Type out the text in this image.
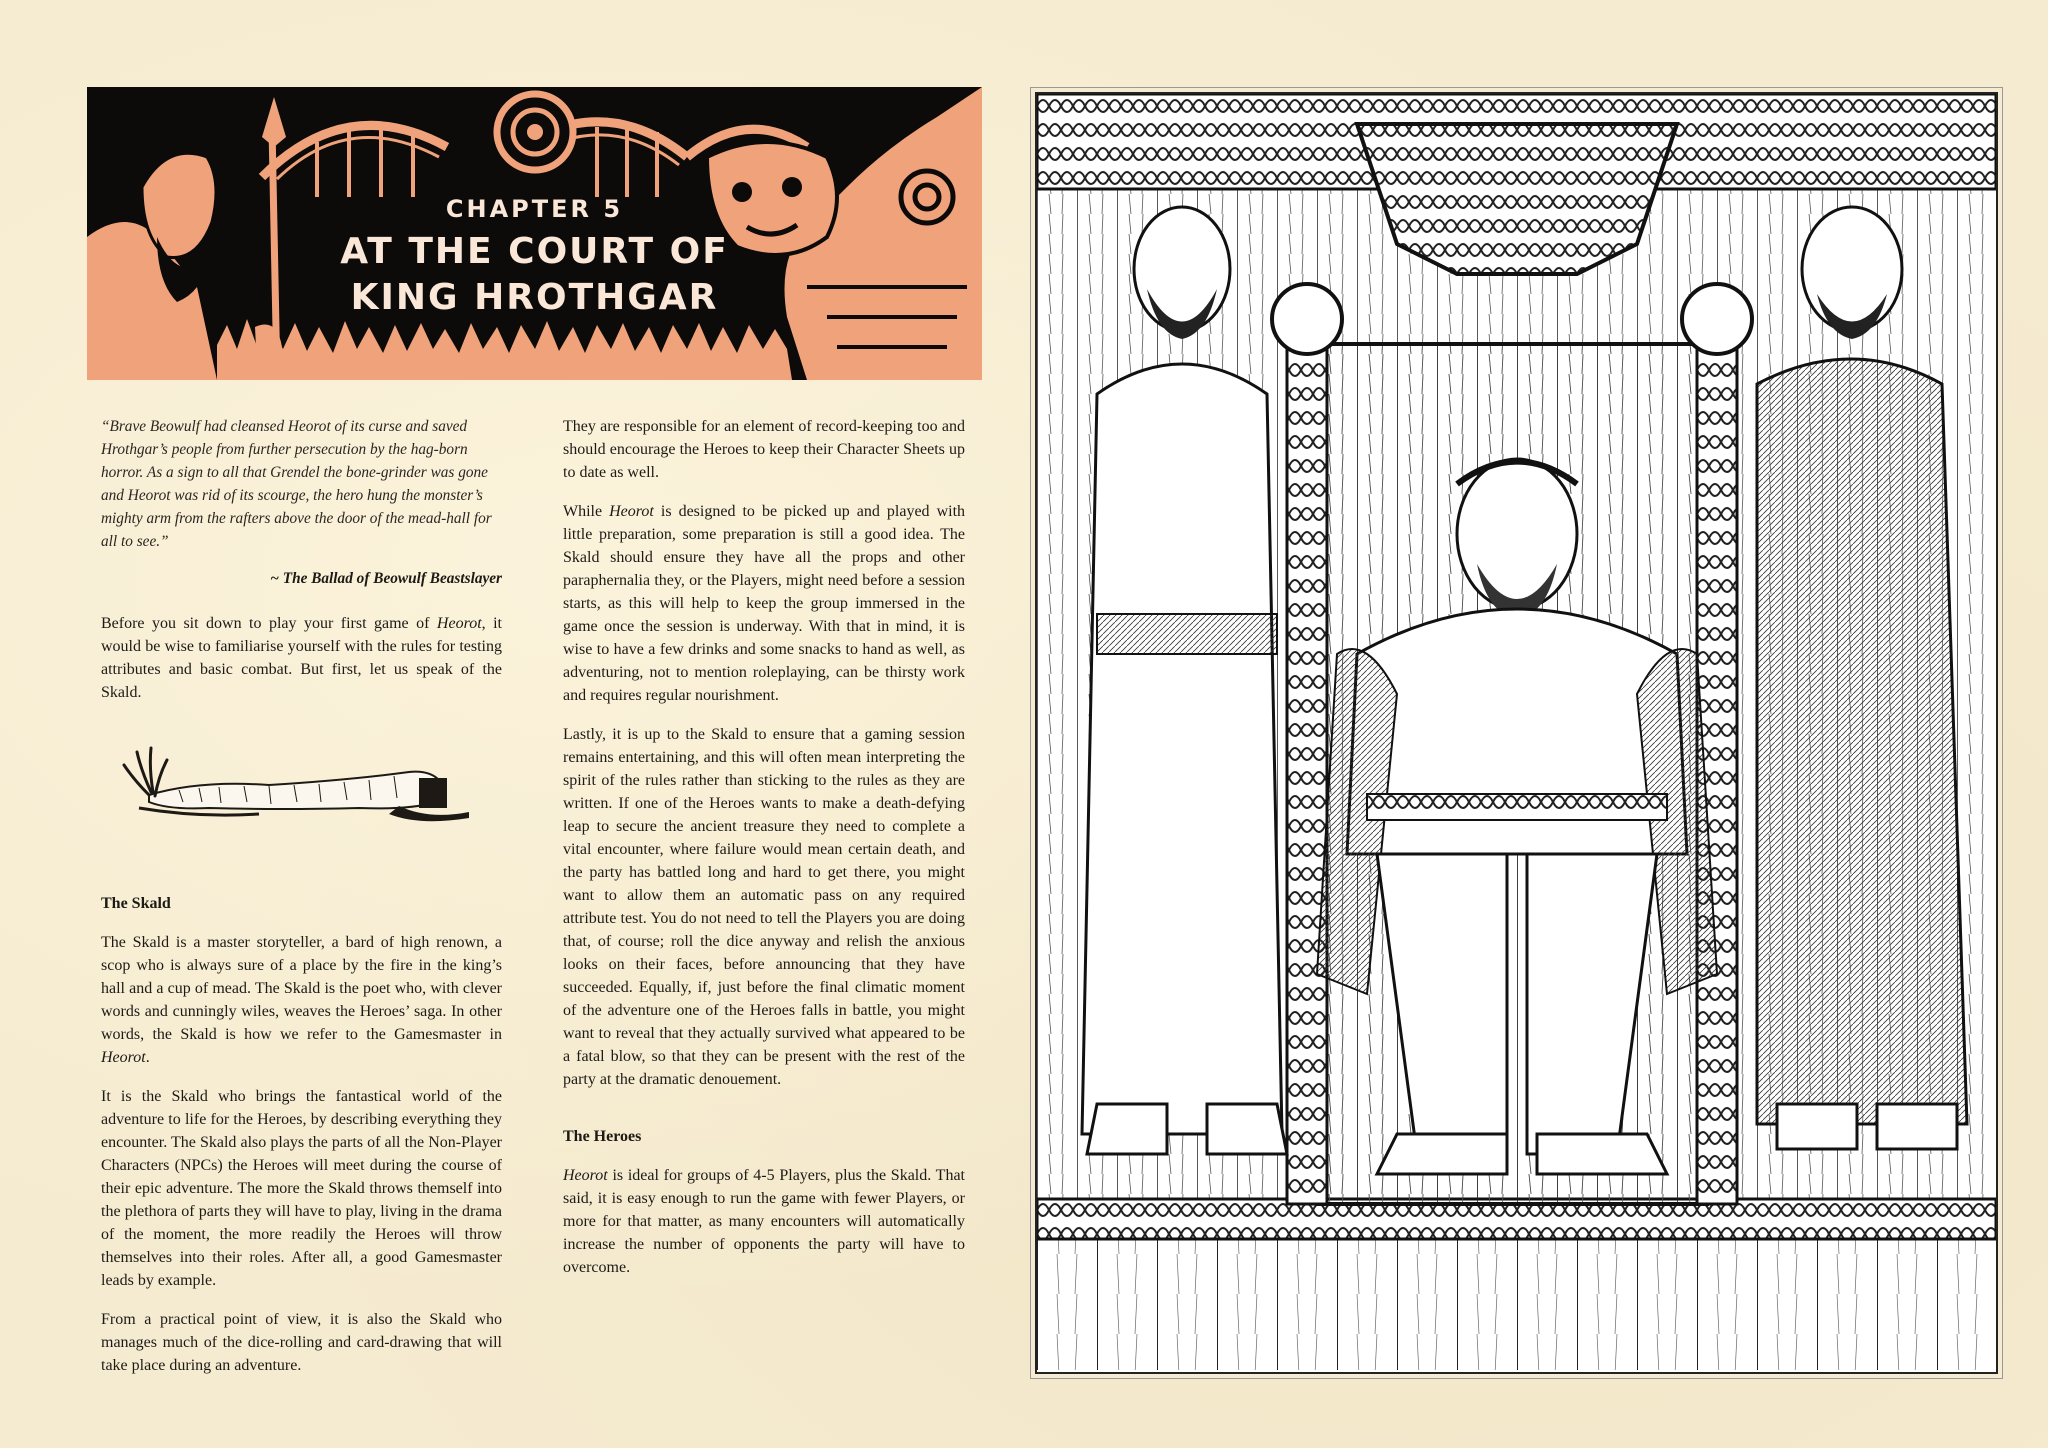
CHAPTER 5
AT THE COURT OF
KING HROTHGAR

“Brave Beowulf had cleansed Heorot of its curse and saved Hrothgar’s people from further persecution by the hag-born horror. As a sign to all that Grendel the bone-grinder was gone and Heorot was rid of its scourge, the hero hung the monster’s mighty arm from the rafters above the door of the mead-hall for all to see.”

~ The Ballad of Beowulf Beastslayer

Before you sit down to play your first game of Heorot, it would be wise to familiarise yourself with the rules for testing attributes and basic combat. But first, let us speak of the Skald.

The Skald

The Skald is a master storyteller, a bard of high renown, a scop who is always sure of a place by the fire in the king’s hall and a cup of mead. The Skald is the poet who, with clever words and cunningly wiles, weaves the Heroes’ saga. In other words, the Skald is how we refer to the Gamesmaster in Heorot.

It is the Skald who brings the fantastical world of the adventure to life for the Heroes, by describing everything they encounter. The Skald also plays the parts of all the Non-Player Characters (NPCs) the Heroes will meet during the course of their epic adventure. The more the Skald throws themself into the plethora of parts they will have to play, living in the drama of the moment, the more readily the Heroes will throw themselves into their roles. After all, a good Gamesmaster leads by example.

From a practical point of view, it is also the Skald who manages much of the dice-rolling and card-drawing that will take place during an adventure.

They are responsible for an element of record-keeping too and should encourage the Heroes to keep their Character Sheets up to date as well.

While Heorot is designed to be picked up and played with little preparation, some preparation is still a good idea. The Skald should ensure they have all the props and other paraphernalia they, or the Players, might need before a session starts, as this will help to keep the group immersed in the game once the session is underway. With that in mind, it is wise to have a few drinks and some snacks to hand as well, as adventuring, not to mention roleplaying, can be thirsty work and requires regular nourishment.

Lastly, it is up to the Skald to ensure that a gaming session remains entertaining, and this will often mean interpreting the spirit of the rules rather than sticking to the rules as they are written. If one of the Heroes wants to make a death-defying leap to secure the ancient treasure they need to complete a vital encounter, where failure would mean certain death, and the party has battled long and hard to get there, you might want to allow them an automatic pass on any required attribute test. You do not need to tell the Players you are doing that, of course; roll the dice anyway and relish the anxious looks on their faces, before announcing that they have succeeded. Equally, if, just before the final climatic moment of the adventure one of the Heroes falls in battle, you might want to reveal that they actually survived what appeared to be a fatal blow, so that they can be present with the rest of the party at the dramatic denouement.

The Heroes

Heorot is ideal for groups of 4-5 Players, plus the Skald. That said, it is easy enough to run the game with fewer Players, or more for that matter, as many encounters will automatically increase the number of opponents the party will have to overcome.
